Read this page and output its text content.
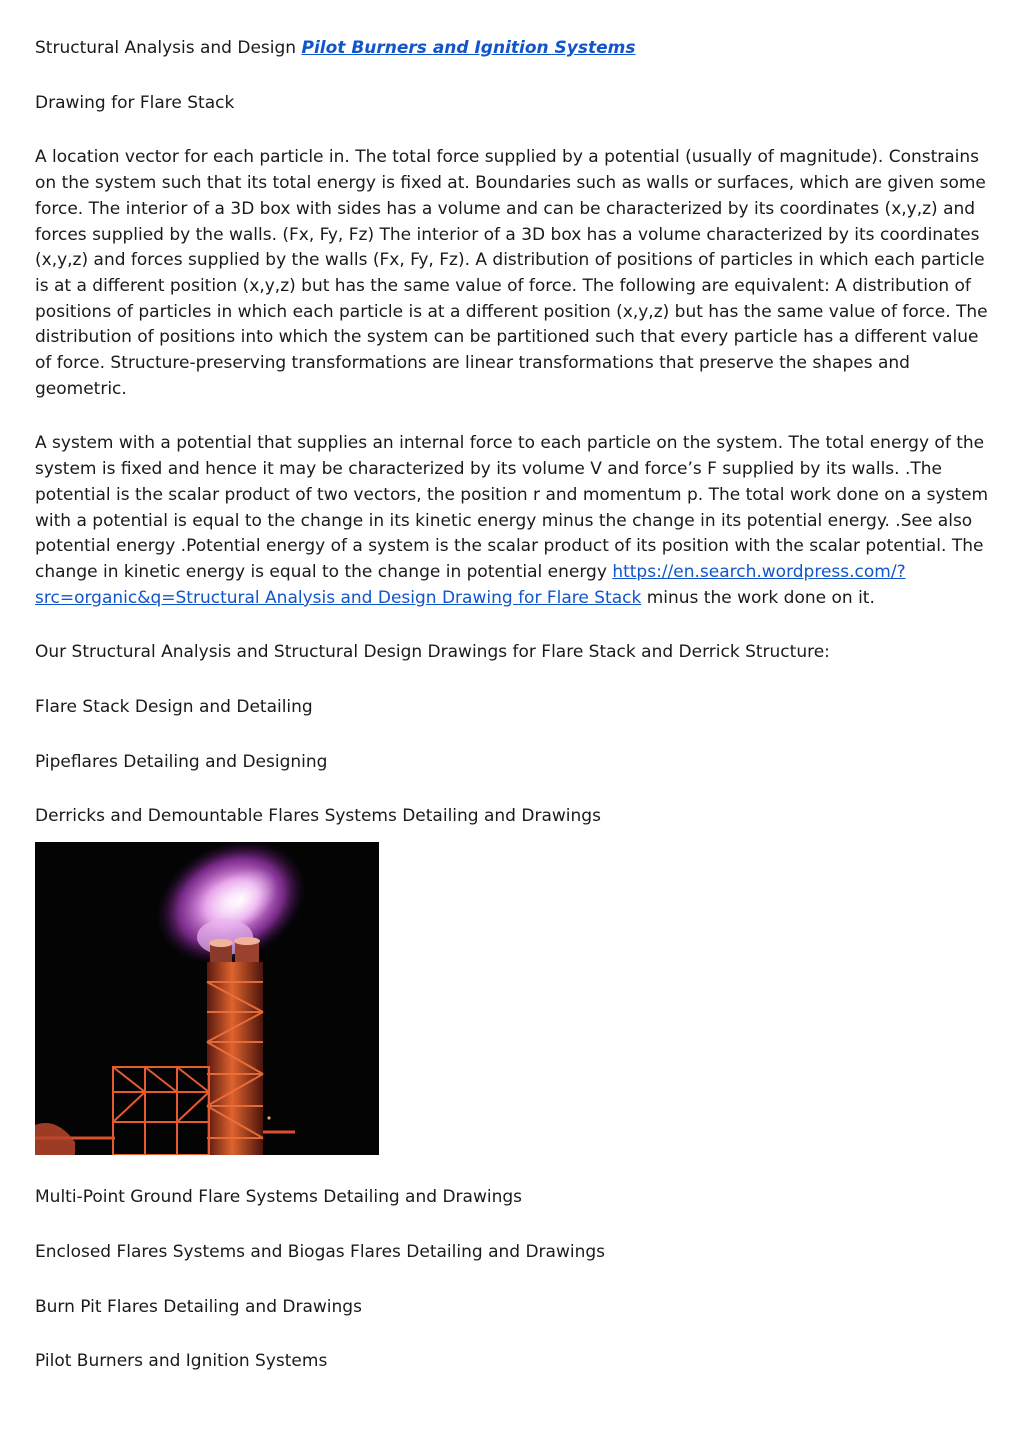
Structural Analysis and Design Pilot Burners and Ignition Systems

Drawing for Flare Stack

A location vector for each particle in. The total force supplied by a potential (usually of magnitude). Constrains on the system such that its total energy is fixed at. Boundaries such as walls or surfaces, which are given some force. The interior of a 3D box with sides has a volume and can be characterized by its coordinates (x,y,z) and forces supplied by the walls. (Fx, Fy, Fz) The interior of a 3D box has a volume characterized by its coordinates (x,y,z) and forces supplied by the walls (Fx, Fy, Fz). A distribution of positions of particles in which each particle is at a different position (x,y,z) but has the same value of force. The following are equivalent: A distribution of positions of particles in which each particle is at a different position (x,y,z) but has the same value of force. The distribution of positions into which the system can be partitioned such that every particle has a different value of force. Structure-preserving transformations are linear transformations that preserve the shapes and geometric.

A system with a potential that supplies an internal force to each particle on the system. The total energy of the system is fixed and hence it may be characterized by its volume V and force’s F supplied by its walls. .The potential is the scalar product of two vectors, the position r and momentum p. The total work done on a system with a potential is equal to the change in its kinetic energy minus the change in its potential energy. .See also potential energy .Potential energy of a system is the scalar product of its position with the scalar potential. The change in kinetic energy is equal to the change in potential energy https://en.search.wordpress.com/?src=organic&q=Structural Analysis and Design Drawing for Flare Stack minus the work done on it.

Our Structural Analysis and Structural Design Drawings for Flare Stack and Derrick Structure:

Flare Stack Design and Detailing

Pipeflares Detailing and Designing

Derricks and Demountable Flares Systems Detailing and Drawings

Multi-Point Ground Flare Systems Detailing and Drawings

Enclosed Flares Systems and Biogas Flares Detailing and Drawings

Burn Pit Flares Detailing and Drawings

Pilot Burners and Ignition Systems
